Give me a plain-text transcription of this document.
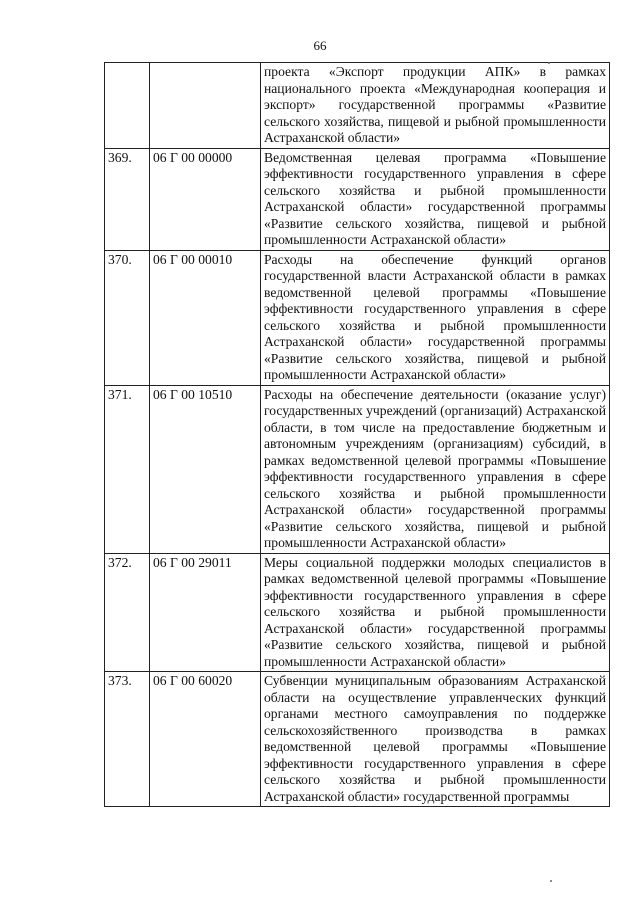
66
		проекта «Экспорт продукции АПК» в рамках национального проекта «Международная кооперация и экспорт» государственной программы «Развитие сельского хозяйства, пищевой и рыбной промышленности Астраханской области»
369.	06 Г 00 00000	Ведомственная целевая программа «Повышение эффективности государственного управления в сфере сельского хозяйства и рыбной промышленности Астраханской области» государственной программы «Развитие сельского хозяйства, пищевой и рыбной промышленности Астраханской области»
370.	06 Г 00 00010	Расходы на обеспечение функций органов государственной власти Астраханской области в рамках ведомственной целевой программы «Повышение эффективности государственного управления в сфере сельского хозяйства и рыбной промышленности Астраханской области» государственной программы «Развитие сельского хозяйства, пищевой и рыбной промышленности Астраханской области»
371.	06 Г 00 10510	Расходы на обеспечение деятельности (оказание услуг) государственных учреждений (организаций) Астраханской области, в том числе на предоставление бюджетным и автономным учреждениям (организациям) субсидий, в рамках ведомственной целевой программы «Повышение эффективности государственного управления в сфере сельского хозяйства и рыбной промышленности Астраханской области» государственной программы «Развитие сельского хозяйства, пищевой и рыбной промышленности Астраханской области»
372.	06 Г 00 29011	Меры социальной поддержки молодых специалистов в рамках ведомственной целевой программы «Повышение эффективности государственного управления в сфере сельского хозяйства и рыбной промышленности Астраханской области» государственной программы «Развитие сельского хозяйства, пищевой и рыбной промышленности Астраханской области»
373.	06 Г 00 60020	Субвенции муниципальным образованиям Астраханской области на осуществление управленческих функций органами местного самоуправления по поддержке сельскохозяйственного производства в рамках ведомственной целевой программы «Повышение эффективности государственного управления в сфере сельского хозяйства и рыбной промышленности Астраханской области» государственной программы
